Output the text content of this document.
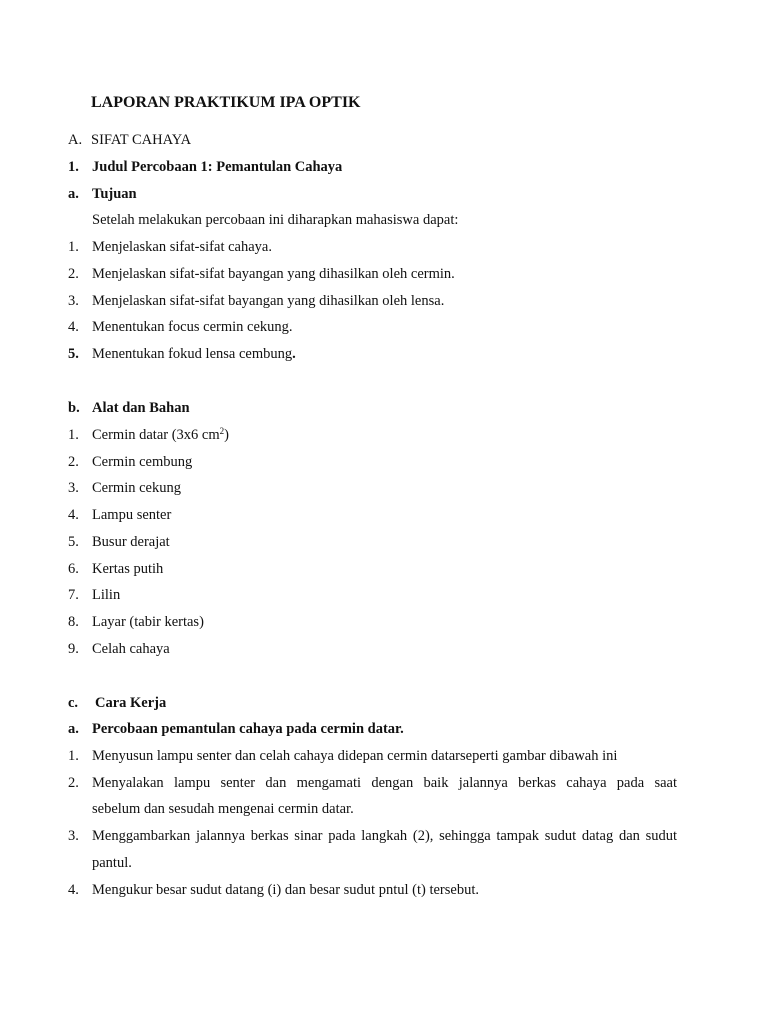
LAPORAN PRAKTIKUM IPA OPTIK
A. SIFAT CAHAYA
1. Judul Percobaan 1: Pemantulan Cahaya
a. Tujuan
Setelah melakukan percobaan ini diharapkan mahasiswa dapat:
1. Menjelaskan sifat-sifat cahaya.
2. Menjelaskan sifat-sifat bayangan yang dihasilkan oleh cermin.
3. Menjelaskan sifat-sifat bayangan yang dihasilkan oleh lensa.
4. Menentukan focus cermin cekung.
5. Menentukan fokud lensa cembung.
b. Alat dan Bahan
1. Cermin datar (3x6 $cm^2$)
2. Cermin cembung
3. Cermin cekung
4. Lampu senter
5. Busur derajat
6. Kertas putih
7. Lilin
8. Layar (tabir kertas)
9. Celah cahaya
c. Cara Kerja
a. Percobaan pemantulan cahaya pada cermin datar.
1. Menyusun lampu senter dan celah cahaya didepan cermin datarseperti gambar dibawah ini
2. Menyalakan lampu senter dan mengamati dengan baik jalannya berkas cahaya pada saat
sebelum dan sesudah mengenai cermin datar.
3. Menggambarkan jalannya berkas sinar pada langkah (2), sehingga tampak sudut datag dan sudut
pantul.
4. Mengukur besar sudut datang (i) dan besar sudut pntul (t) tersebut.
